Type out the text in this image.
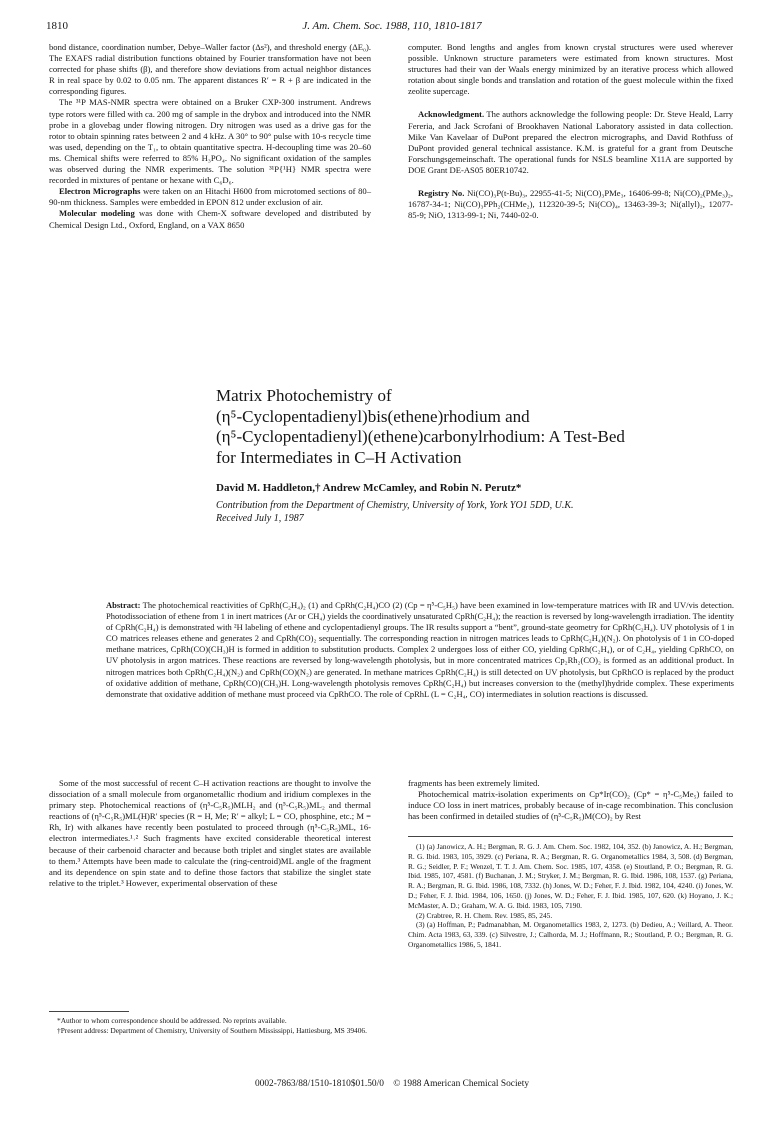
J. Am. Chem. Soc. 1988, 110, 1810-1817
1810

bond distance, coordination number, Debye–Waller factor (Δs²), and threshold energy (ΔE₀). The EXAFS radial distribution functions obtained by Fourier transformation have not been corrected for phase shifts (β), and therefore show deviations from actual neighbor distances R in real space by 0.02 to 0.05 nm. The apparent distances R′ = R + β are indicated in the corresponding figures.

The ³¹P MAS-NMR spectra were obtained on a Bruker CXP-300 instrument. Andrews type rotors were filled with ca. 200 mg of sample in the drybox and introduced into the NMR probe in a glovebag under flowing nitrogen. Dry nitrogen was used as a drive gas for the rotor to obtain spinning rates between 2 and 4 kHz. A 30° to 90° pulse with 10-s recycle time was used, depending on the T₁, to obtain quantitative spectra. H-decoupling time was 20–60 ms. Chemical shifts were referred to 85% H₃PO₄. No significant oxidation of the samples was observed during the NMR experiments. The solution ³¹P{¹H} NMR spectra were recorded in mixtures of pentane or hexane with C₆D₆.

Electron Micrographs were taken on an Hitachi H600 from microtomed sections of 80–90-nm thickness. Samples were embedded in EPON 812 under exclusion of air.

Molecular modeling was done with Chem-X software developed and distributed by Chemical Design Ltd., Oxford, England, on a VAX 8650

computer. Bond lengths and angles from known crystal structures were used wherever possible. Unknown structure parameters were estimated from known structures. Most structures had their van der Waals energy minimized by an iterative process which allowed rotation about single bonds and translation and rotation of the guest molecule within the fixed zeolite supercage.

Acknowledgment. The authors acknowledge the following people: Dr. Steve Heald, Larry Fereria, and Jack Scrofani of Brookhaven National Laboratory assisted in data collection. Mike Van Kavelaar of DuPont prepared the electron micrographs, and David Rothfuss of DuPont provided general technical assistance. K.M. is grateful for a grant from Deutsche Forschungsgemeinschaft. The operational funds for NSLS beamline X11A are supported by DOE Grant DE-AS05 80ER10742.

Registry No. Ni(CO)₃P(t-Bu)₃, 22955-41-5; Ni(CO)₃PMe₃, 16406-99-8; Ni(CO)₂(PMe₃)₂, 16787-34-1; Ni(CO)₃PPh₂(CHMe₂), 112320-39-5; Ni(CO)₄, 13463-39-3; Ni(allyl)₂, 12077-85-9; NiO, 1313-99-1; Ni, 7440-02-0.

Matrix Photochemistry of
(η⁵-Cyclopentadienyl)bis(ethene)rhodium and
(η⁵-Cyclopentadienyl)(ethene)carbonylrhodium: A Test-Bed
for Intermediates in C–H Activation
David M. Haddleton,† Andrew McCamley, and Robin N. Perutz*
Contribution from the Department of Chemistry, University of York, York YO1 5DD, U.K.
Received July 1, 1987
Abstract: The photochemical reactivities of CpRh(C₂H₄)₂ (1) and CpRh(C₂H₄)CO (2) (Cp = η⁵-C₅H₅) have been examined in low-temperature matrices with IR and UV/vis detection. Photodissociation of ethene from 1 in inert matrices (Ar or CH₄) yields the coordinatively unsaturated CpRh(C₂H₄); the reaction is reversed by long-wavelength irradiation. The identity of CpRh(C₂H₄) is demonstrated with ²H labeling of ethene and cyclopentadienyl groups. The IR results support a “bent”, ground-state geometry for CpRh(C₂H₄). UV photolysis of 1 in CO matrices releases ethene and generates 2 and CpRh(CO)₂ sequentially. The corresponding reaction in nitrogen matrices leads to CpRh(C₂H₄)(N₂). On photolysis of 1 in CO-doped methane matrices, CpRh(CO)(CH₃)H is formed in addition to substitution products. Complex 2 undergoes loss of either CO, yielding CpRh(C₂H₄), or of C₂H₄, yielding CpRhCO, on UV photolysis in argon matrices. These reactions are reversed by long-wavelength photolysis, but in more concentrated matrices Cp₂Rh₂(CO)₂ is formed as an additional product. In nitrogen matrices both CpRh(C₂H₄)(N₂) and CpRh(CO)(N₂) are generated. In methane matrices CpRh(C₂H₄) is still detected on UV photolysis, but CpRhCO is replaced by the product of oxidative addition of methane, CpRh(CO)(CH₃)H. Long-wavelength photolysis removes CpRh(C₂H₄) but increases conversion to the (methyl)hydride complex. These experiments demonstrate that oxidative addition of methane must proceed via CpRhCO. The role of CpRhL (L = C₂H₄, CO) intermediates in solution reactions is discussed.

Some of the most successful of recent C–H activation reactions are thought to involve the dissociation of a small molecule from organometallic rhodium and iridium complexes in the primary step. Photochemical reactions of (η⁵-C₅R₅)MLH₂ and (η⁵-C₅R₅)ML₂ and thermal reactions of (η⁵-C₅R₅)ML(H)R′ species (R = H, Me; R′ = alkyl; L = CO, phosphine, etc.; M = Rh, Ir) with alkanes have recently been postulated to proceed through (η⁵-C₅R₅)ML, 16-electron intermediates.¹˒² Such fragments have excited considerable theoretical interest because of their carbenoid character and because both triplet and singlet states are available to them.³ Attempts have been made to calculate the (ring-centroid)ML angle of the fragment and its dependence on spin state and to define those factors that stabilize the singlet state relative to the triplet.³ However, experimental observation of these

fragments has been extremely limited.

Photochemical matrix-isolation experiments on Cp*Ir(CO)₂ (Cp* = η⁵-C₅Me₅) failed to induce CO loss in inert matrices, probably because of in-cage recombination. This conclusion has been confirmed in detailed studies of (η⁵-C₅R₅)M(CO)₂ by Rest

(1) (a) Janowicz, A. H.; Bergman, R. G. J. Am. Chem. Soc. 1982, 104, 352. (b) Janowicz, A. H.; Bergman, R. G. Ibid. 1983, 105, 3929. (c) Periana, R. A.; Bergman, R. G. Organometallics 1984, 3, 508. (d) Bergman, R. G.; Seidler, P. F.; Wenzel, T. T. J. Am. Chem. Soc. 1985, 107, 4358. (e) Stoutland, P. O.; Bergman, R. G. Ibid. 1985, 107, 4581. (f) Buchanan, J. M.; Stryker, J. M.; Bergman, R. G. Ibid. 1986, 108, 1537. (g) Periana, R. A.; Bergman, R. G. Ibid. 1986, 108, 7332. (h) Jones, W. D.; Feher, F. J. Ibid. 1982, 104, 4240. (i) Jones, W. D.; Feher, F. J. Ibid. 1984, 106, 1650. (j) Jones, W. D.; Feher, F. J. Ibid. 1985, 107, 620. (k) Hoyano, J. K.; McMaster, A. D.; Graham, W. A. G. Ibid. 1983, 105, 7190.

(2) Crabtree, R. H. Chem. Rev. 1985, 85, 245.

(3) (a) Hoffman, P.; Padmanabhan, M. Organometallics 1983, 2, 1273. (b) Dedieu, A.; Veillard, A. Theor. Chim. Acta 1983, 63, 339. (c) Silvestre, J.; Calhorda, M. J.; Hoffmann, R.; Stoutland, P. O.; Bergman, R. G. Organometallics 1986, 5, 1841.

*Author to whom correspondence should be addressed. No reprints available.

†Present address: Department of Chemistry, University of Southern Mississippi, Hattiesburg, MS 39406.

0002-7863/88/1510-1810$01.50/0 © 1988 American Chemical Society
